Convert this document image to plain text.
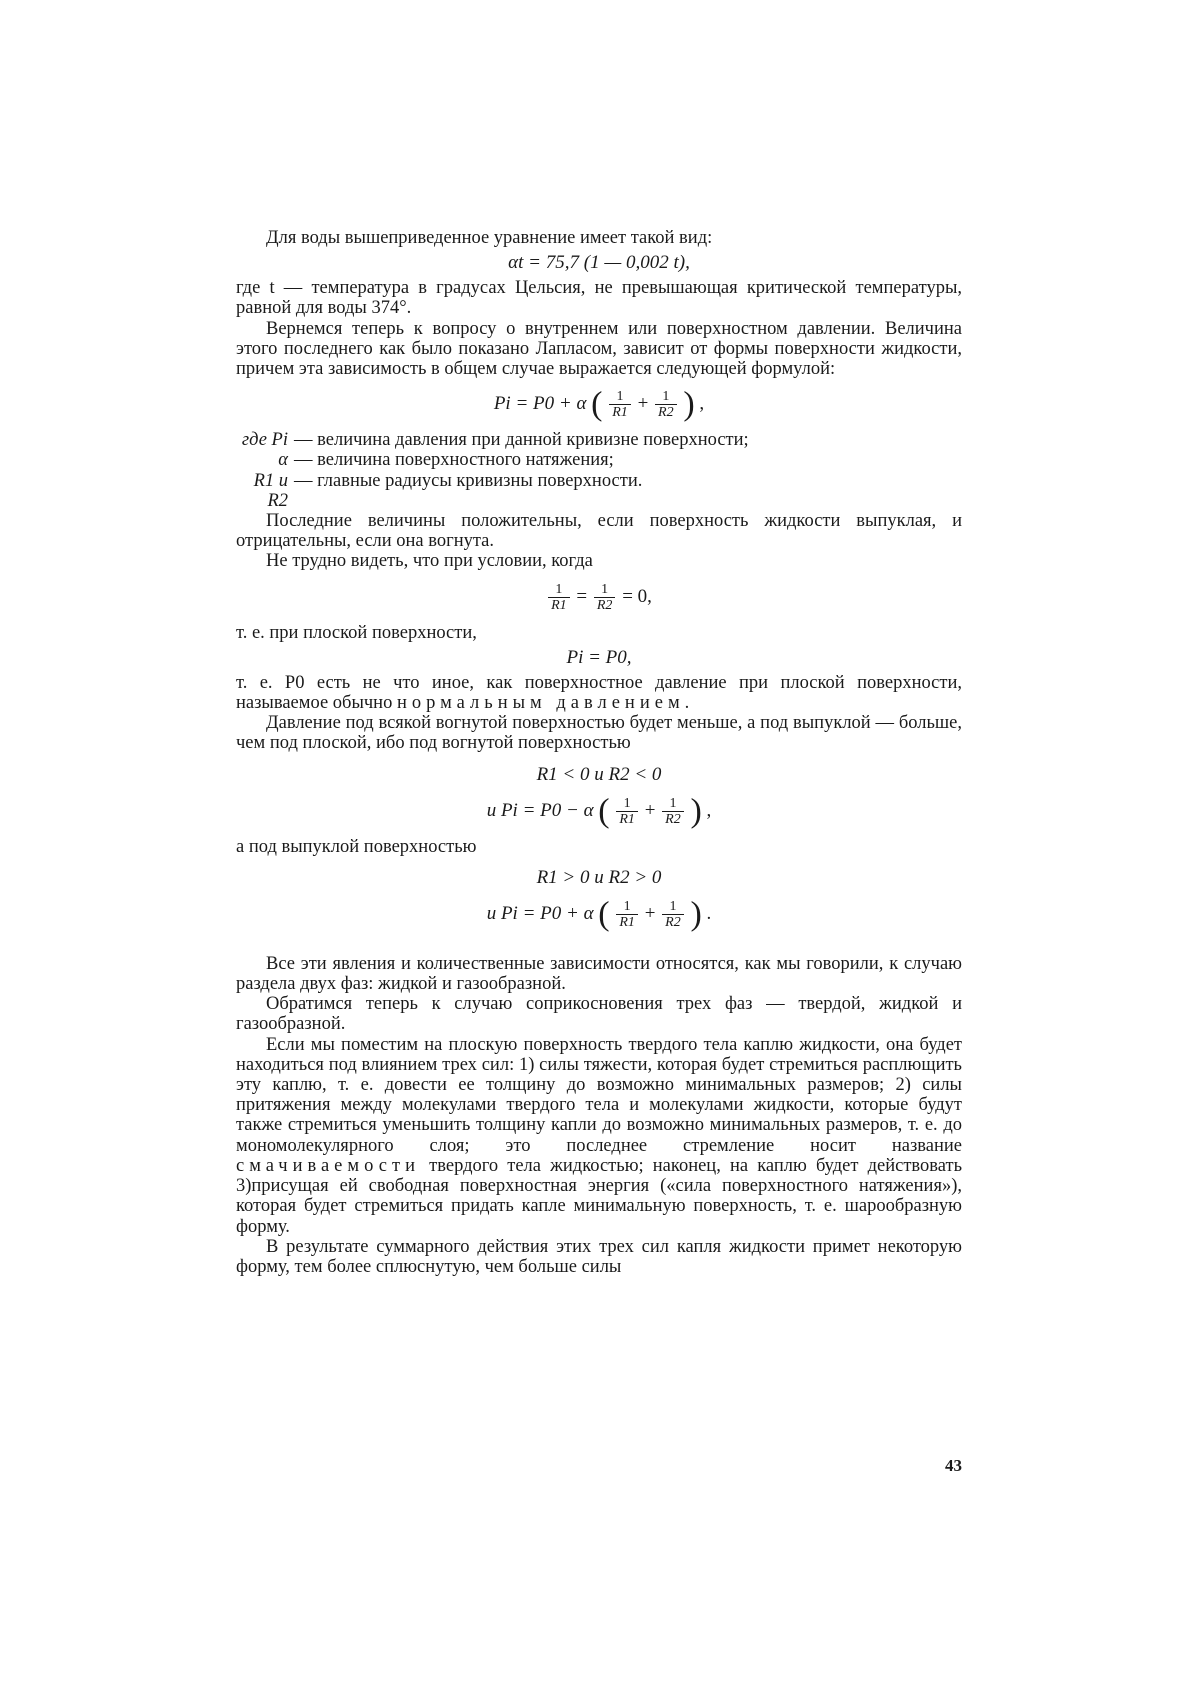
Для воды вышеприведенное уравнение имеет такой вид:

αt = 75,7 (1 — 0,002 t),

где t — температура в градусах Цельсия, не превышающая критической температуры, равной для воды 374°.

Вернемся теперь к вопросу о внутреннем или поверхностном давлении. Величина этого последнего как было показано Лапласом, зависит от формы поверхности жидкости, причем эта зависимость в общем случае выражается следующей формулой:

Pi = P0 + α ( $\frac{1}{R1} + \frac{1}{R2}$ ) ,
где Pi — величина давления при данной кривизне поверхности;
α — величина поверхностного натяжения;
R1 и R2
— главные радиусы кривизны поверхности.

Последние величины положительны, если поверхность жидкости выпуклая, и отрицательны, если она вогнута.

Не трудно видеть, что при условии, когда

$\frac{1}{R1} = \frac{1}{R2} = 0$,

т. е. при плоской поверхности,

Pi = P0,

т. е. P0 есть не что иное, как поверхностное давление при плоской поверхности, называемое обычно нормальным давлением.

Давление под всякой вогнутой поверхностью будет меньше, а под выпуклой — больше, чем под плоской, ибо под вогнутой поверхностью

R1 < 0 и R2 < 0
и Pi = P0 − α ( $\frac{1}{R1} + \frac{1}{R2}$ ) ,

а под выпуклой поверхностью

R1 > 0 и R2 > 0
и Pi = P0 + α ( $\frac{1}{R1} + \frac{1}{R2}$ ) .

Все эти явления и количественные зависимости относятся, как мы говорили, к случаю раздела двух фаз: жидкой и газообразной.

Обратимся теперь к случаю соприкосновения трех фаз — твердой, жидкой и газообразной.

Если мы поместим на плоскую поверхность твердого тела каплю жидкости, она будет находиться под влиянием трех сил: 1) силы тяжести, которая будет стремиться расплющить эту каплю, т. е. довести ее толщину до возможно минимальных размеров; 2) силы притяжения между молекулами твердого тела и молекулами жидкости, которые будут также стремиться уменьшить толщину капли до возможно минимальных размеров, т. е. до мономолекулярного слоя; это последнее стремление носит название смачиваемости твердого тела жидкостью; наконец, на каплю будет действовать 3)присущая ей свободная поверхностная энергия («сила поверхностного натяжения»), которая будет стремиться придать капле минимальную поверхность, т. е. шарообразную форму.

В результате суммарного действия этих трех сил капля жидкости примет некоторую форму, тем более сплюснутую, чем больше силы

43
